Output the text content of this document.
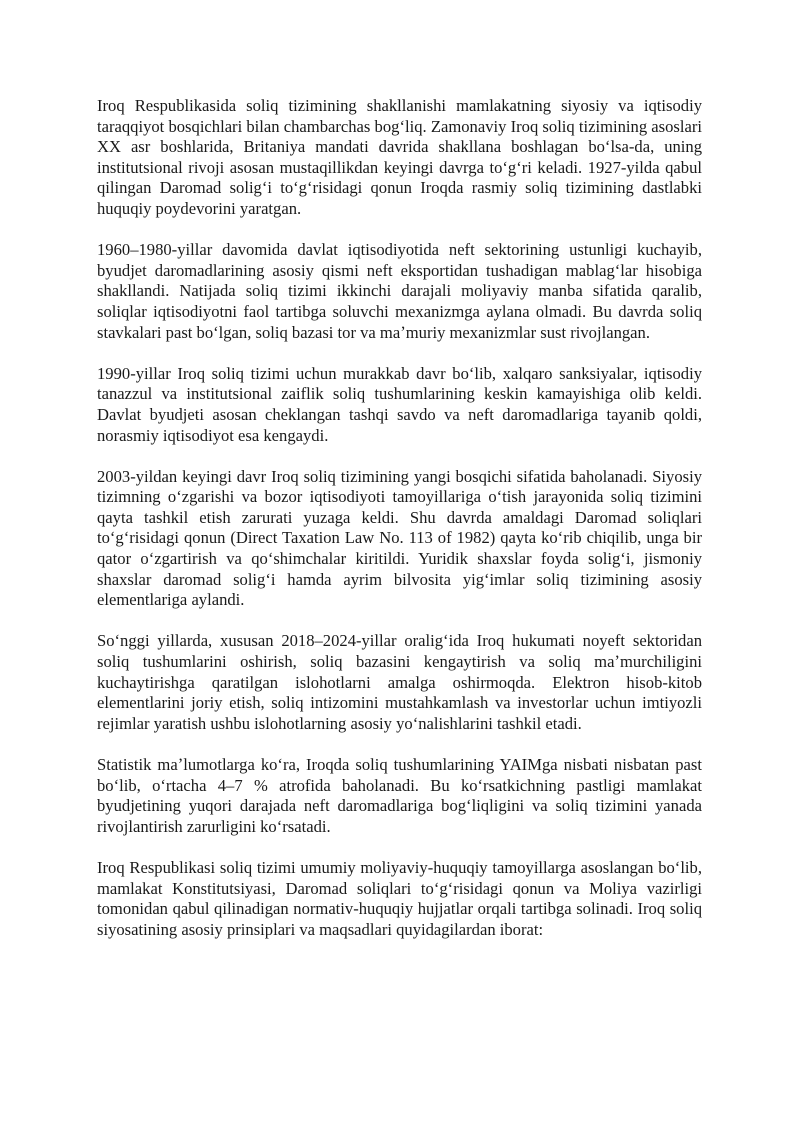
Iroq Respublikasida soliq tizimining shakllanishi mamlakatning siyosiy va iqtisodiy taraqqiyot bosqichlari bilan chambarchas bogʻliq. Zamonaviy Iroq soliq tizimining asoslari XX asr boshlarida, Britaniya mandati davrida shakllana boshlagan boʻlsa-da, uning institutsional rivoji asosan mustaqillikdan keyingi davrga toʻgʻri keladi. 1927-yilda qabul qilingan Daromad soligʻi toʻgʻrisidagi qonun Iroqda rasmiy soliq tizimining dastlabki huquqiy poydevorini yaratgan.

1960–1980-yillar davomida davlat iqtisodiyotida neft sektorining ustunligi kuchayib, byudjet daromadlarining asosiy qismi neft eksportidan tushadigan mablagʻlar hisobiga shakllandi. Natijada soliq tizimi ikkinchi darajali moliyaviy manba sifatida qaralib, soliqlar iqtisodiyotni faol tartibga soluvchi mexanizmga aylana olmadi. Bu davrda soliq stavkalari past boʻlgan, soliq bazasi tor va maʼmuriy mexanizmlar sust rivojlangan.

1990-yillar Iroq soliq tizimi uchun murakkab davr boʻlib, xalqaro sanksiyalar, iqtisodiy tanazzul va institutsional zaiflik soliq tushumlarining keskin kamayishiga olib keldi. Davlat byudjeti asosan cheklangan tashqi savdo va neft daromadlariga tayanib qoldi, norasmiy iqtisodiyot esa kengaydi.

2003-yildan keyingi davr Iroq soliq tizimining yangi bosqichi sifatida baholanadi. Siyosiy tizimning oʻzgarishi va bozor iqtisodiyoti tamoyillariga oʻtish jarayonida soliq tizimini qayta tashkil etish zarurati yuzaga keldi. Shu davrda amaldagi Daromad soliqlari toʻgʻrisidagi qonun (Direct Taxation Law No. 113 of 1982) qayta koʻrib chiqilib, unga bir qator oʻzgartirish va qoʻshimchalar kiritildi. Yuridik shaxslar foyda soligʻi, jismoniy shaxslar daromad soligʻi hamda ayrim bilvosita yigʻimlar soliq tizimining asosiy elementlariga aylandi.

Soʻnggi yillarda, xususan 2018–2024-yillar oraligʻida Iroq hukumati noyeft sektoridan soliq tushumlarini oshirish, soliq bazasini kengaytirish va soliq maʼmurchiligini kuchaytirishga qaratilgan islohotlarni amalga oshirmoqda. Elektron hisob-kitob elementlarini joriy etish, soliq intizomini mustahkamlash va investorlar uchun imtiyozli rejimlar yaratish ushbu islohotlarning asosiy yoʻnalishlarini tashkil etadi.

Statistik maʼlumotlarga koʻra, Iroqda soliq tushumlarining YAIMga nisbati nisbatan past boʻlib, oʻrtacha 4–7 % atrofida baholanadi. Bu koʻrsatkichning pastligi mamlakat byudjetining yuqori darajada neft daromadlariga bogʻliqligini va soliq tizimini yanada rivojlantirish zarurligini koʻrsatadi.

Iroq Respublikasi soliq tizimi umumiy moliyaviy-huquqiy tamoyillarga asoslangan boʻlib, mamlakat Konstitutsiyasi, Daromad soliqlari toʻgʻrisidagi qonun va Moliya vazirligi tomonidan qabul qilinadigan normativ-huquqiy hujjatlar orqali tartibga solinadi. Iroq soliq siyosatining asosiy prinsiplari va maqsadlari quyidagilardan iborat:
